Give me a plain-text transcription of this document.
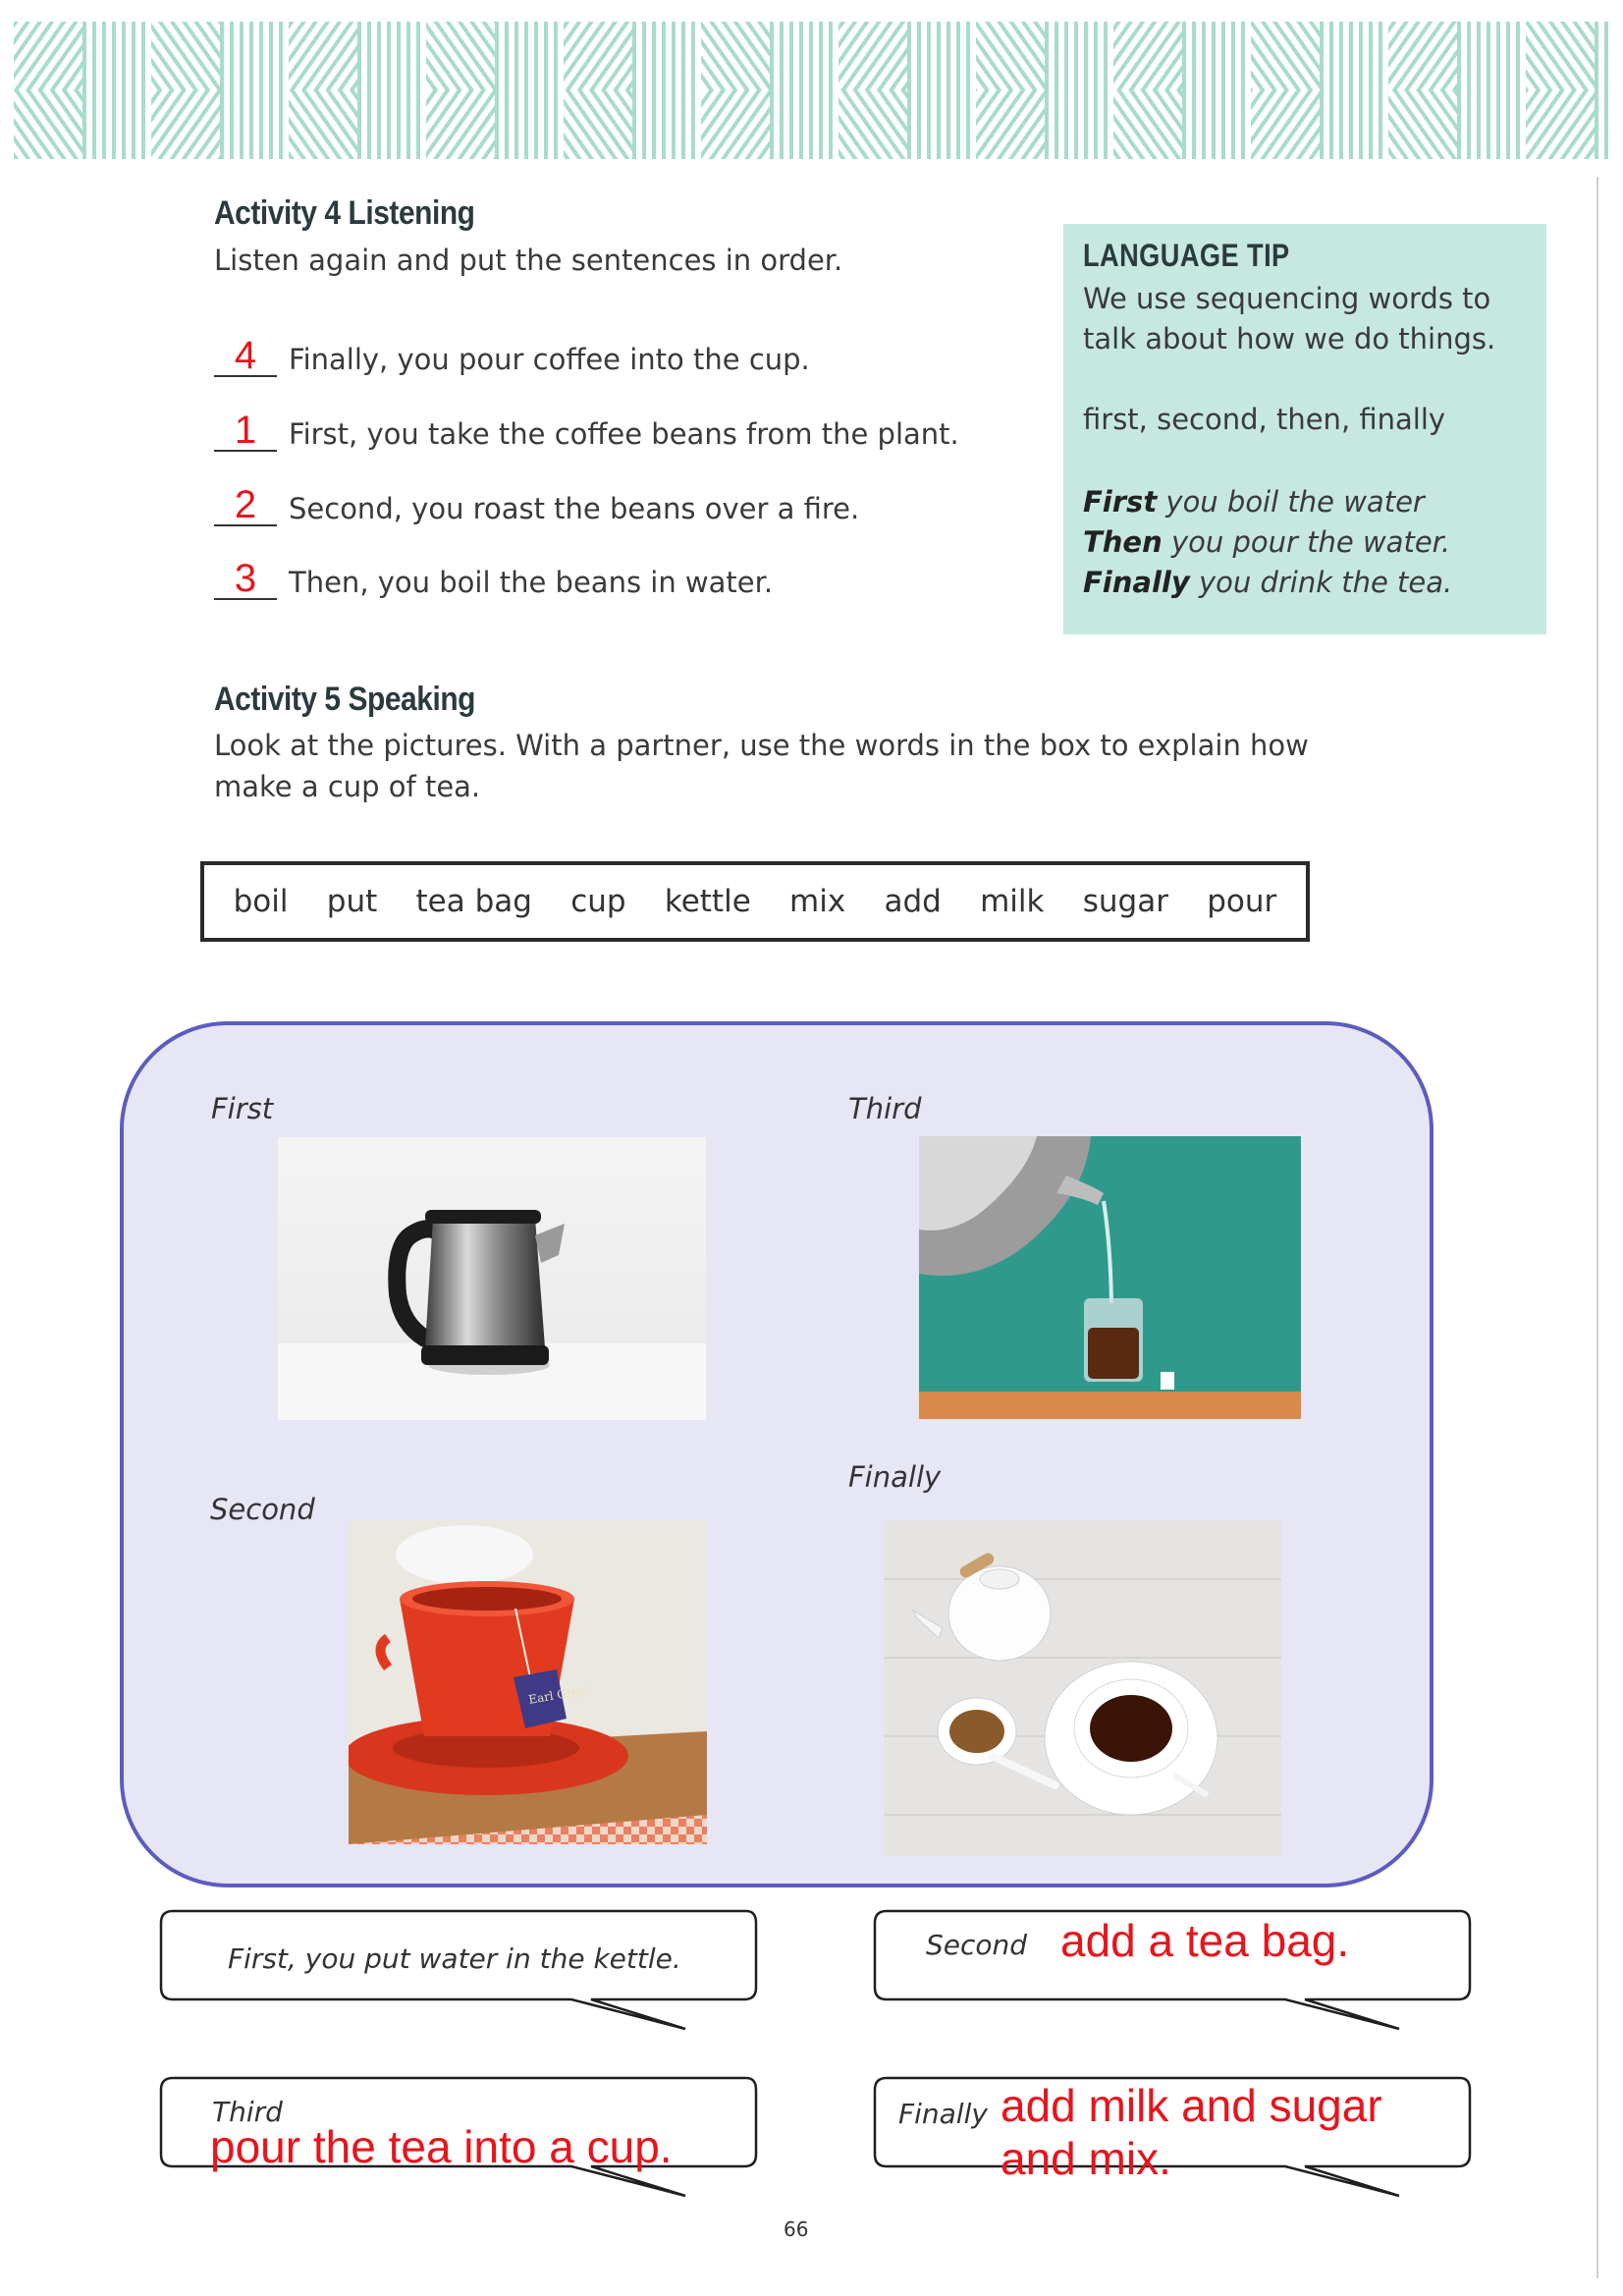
Activity 4 Listening
Listen again and put the sentences in order.
4	Finally, you pour coffee into the cup.
1	First, you take the coffee beans from the plant.
2	Second, you roast the beans over a fire.
3	Then, you boil the beans in water.
LANGUAGE TIP
We use sequencing words to talk about how we do things.
first, second, then, finally
First you boil the water
Then you pour the water.
Finally you drink the tea.
Activity 5 Speaking
Look at the pictures. With a partner, use the words in the box to explain how
make a cup of tea.
boil put tea bag cup kettle mix add milk sugar pour
First	Third
Second
Finally
Earl Grey
First, you put water in the kettle.	Second add a tea bag.
Third
pour the tea into a cup.
Finally add milk and sugar
and mix.
66
